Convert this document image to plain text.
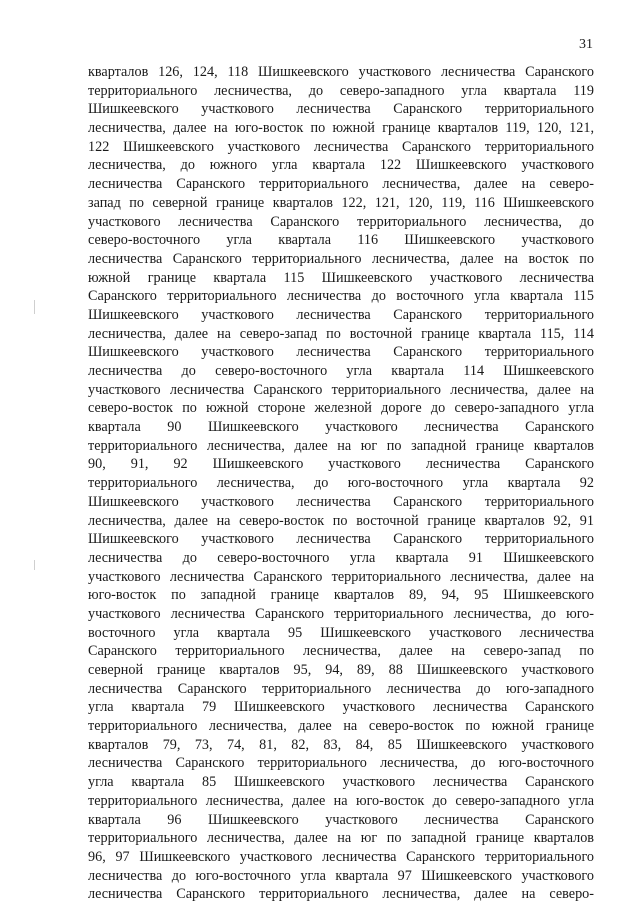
31
кварталов 126, 124, 118 Шишкеевского участкового лесничества Саранского
территориального лесничества, до северо-западного угла квартала 119
Шишкеевского участкового лесничества Саранского территориального
лесничества, далее на юго-восток по южной границе кварталов 119, 120, 121,
122 Шишкеевского участкового лесничества Саранского территориального
лесничества, до южного угла квартала 122 Шишкеевского участкового
лесничества Саранского территориального лесничества, далее на северо-
запад по северной границе кварталов 122, 121, 120, 119, 116 Шишкеевского
участкового лесничества Саранского территориального лесничества, до
северо-восточного угла квартала 116 Шишкеевского участкового
лесничества Саранского территориального лесничества, далее на восток по
южной границе квартала 115 Шишкеевского участкового лесничества
Саранского территориального лесничества до восточного угла квартала 115
Шишкеевского участкового лесничества Саранского территориального
лесничества, далее на северо-запад по восточной границе квартала 115, 114
Шишкеевского участкового лесничества Саранского территориального
лесничества до северо-восточного угла квартала 114 Шишкеевского
участкового лесничества Саранского территориального лесничества, далее на
северо-восток по южной стороне железной дороге до северо-западного угла
квартала 90 Шишкеевского участкового лесничества Саранского
территориального лесничества, далее на юг по западной границе кварталов
90, 91, 92 Шишкеевского участкового лесничества Саранского
территориального лесничества, до юго-восточного угла квартала 92
Шишкеевского участкового лесничества Саранского территориального
лесничества, далее на северо-восток по восточной границе кварталов 92, 91
Шишкеевского участкового лесничества Саранского территориального
лесничества до северо-восточного угла квартала 91 Шишкеевского
участкового лесничества Саранского территориального лесничества, далее на
юго-восток по западной границе кварталов 89, 94, 95 Шишкеевского
участкового лесничества Саранского территориального лесничества, до юго-
восточного угла квартала 95 Шишкеевского участкового лесничества
Саранского территориального лесничества, далее на северо-запад по
северной границе кварталов 95, 94, 89, 88 Шишкеевского участкового
лесничества Саранского территориального лесничества до юго-западного
угла квартала 79 Шишкеевского участкового лесничества Саранского
территориального лесничества, далее на северо-восток по южной границе
кварталов 79, 73, 74, 81, 82, 83, 84, 85 Шишкеевского участкового
лесничества Саранского территориального лесничества, до юго-восточного
угла квартала 85 Шишкеевского участкового лесничества Саранского
территориального лесничества, далее на юго-восток до северо-западного угла
квартала 96 Шишкеевского участкового лесничества Саранского
территориального лесничества, далее на юг по западной границе кварталов
96, 97 Шишкеевского участкового лесничества Саранского территориального
лесничества до юго-восточного угла квартала 97 Шишкеевского участкового
лесничества Саранского территориального лесничества, далее на северо-
